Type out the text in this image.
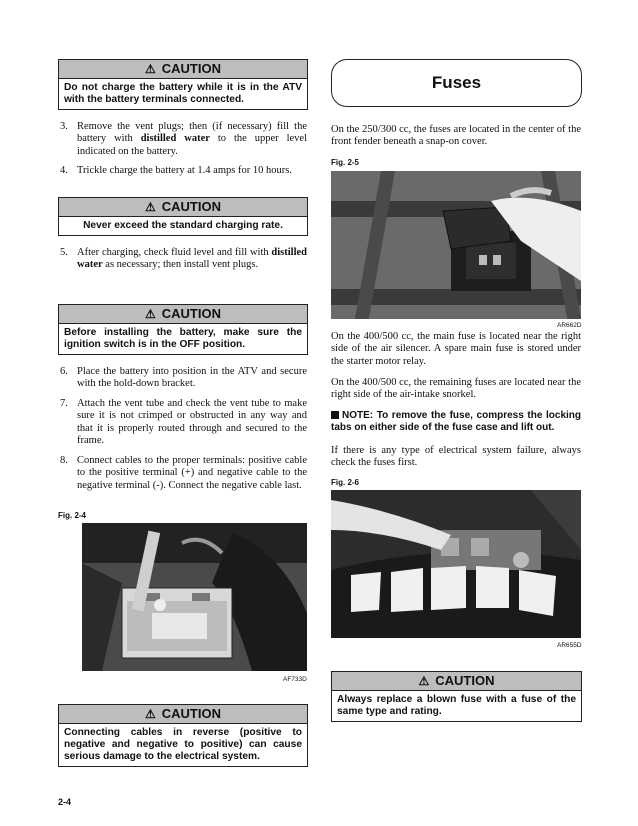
⚠ CAUTION
Do not charge the battery while it is in the ATV with the battery terminals connected.
3. Remove the vent plugs; then (if necessary) fill the battery with distilled water to the upper level indicated on the battery.
4. Trickle charge the battery at 1.4 amps for 10 hours.
⚠ CAUTION
Never exceed the standard charging rate.
5. After charging, check fluid level and fill with distilled water as necessary; then install vent plugs.
⚠ CAUTION
Before installing the battery, make sure the ignition switch is in the OFF position.
6. Place the battery into position in the ATV and secure with the hold-down bracket.
7. Attach the vent tube and check the vent tube to make sure it is not crimped or obstructed in any way and that it is properly routed through and secured to the frame.
8. Connect cables to the proper terminals: positive cable to the positive terminal (+) and negative cable to the negative terminal (-). Connect the negative cable last.
Fig. 2-4
AF733D
⚠ CAUTION
Connecting cables in reverse (positive to negative and negative to positive) can cause serious damage to the electrical system.
2-4
Fuses
On the 250/300 cc, the fuses are located in the center of the front fender beneath a snap-on cover.
Fig. 2-5
AR662D
On the 400/500 cc, the main fuse is located near the right side of the air silencer. A spare main fuse is stored under the starter motor relay.
On the 400/500 cc, the remaining fuses are located near the right side of the air-intake snorkel.
NOTE: To remove the fuse, compress the locking tabs on either side of the fuse case and lift out.
If there is any type of electrical system failure, always check the fuses first.
Fig. 2-6
AR655D
⚠ CAUTION
Always replace a blown fuse with a fuse of the same type and rating.
